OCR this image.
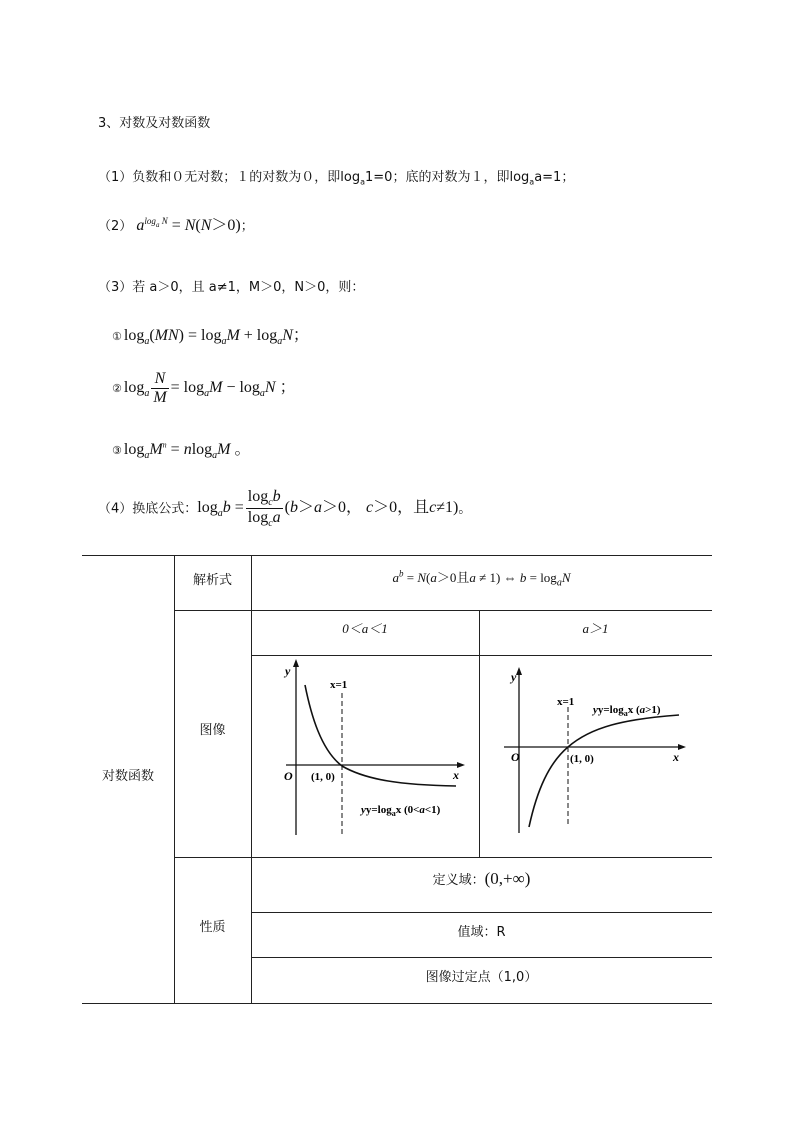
3、对数及对数函数
（1）负数和０无对数；１的对数为０，即$\log_a1=0$；底的对数为１，即$\log_aa=1$；
（2） $a^{log_a N} = N(N>0)$；
（3）若 a＞0，且 a≠1，M＞0，N＞0，则：
① $\log_a(MN) = \log_aM + \log_aN$；
② $\log_a \frac{N}{M} = \log_aM - \log_aN$ ；
③ $\log_aM^n = nlog_aM$ 。
（4）换底公式：$\log_ab = \frac{\log_cb}{\log_ca} (b>a>0$， c＞0，且c≠1)。
对数函数
解析式
图像
性质
$a^b = N(a>0$且a ≠ 1) ⇔ $b = \log_aN$
0＜a＜1	a＞1
定义域：(0,+∞)
值域：R
图像过定点（1,0）
y
x
O
x=1
(1, 0)
$yy=\log_ax$ (0<a<1)
y
x
O
x=1
(1, 0)
$yy=\log_ax$ (a>1)
